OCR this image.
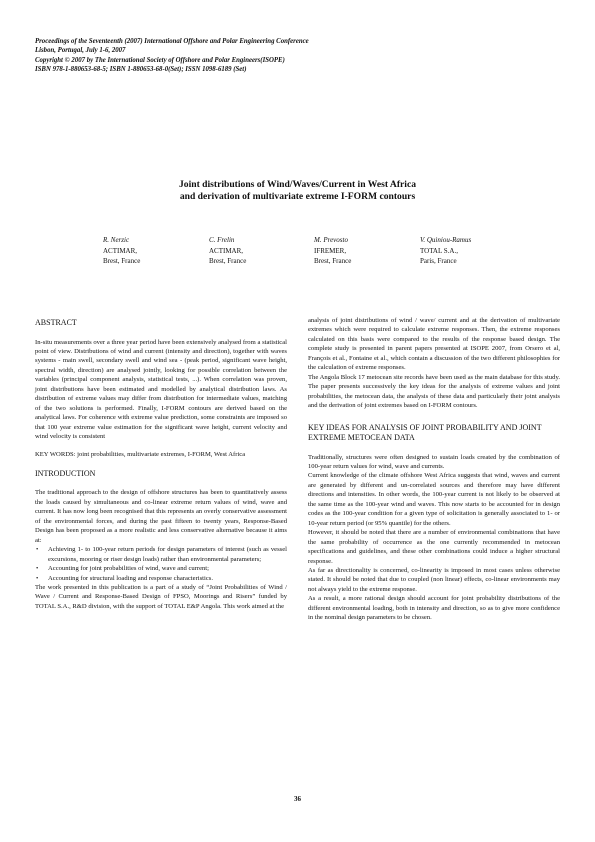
Proceedings of the Seventeenth (2007) International Offshore and Polar Engineering Conference
Lisbon, Portugal, July 1-6, 2007
Copyright © 2007 by The International Society of Offshore and Polar Engineers(ISOPE)
ISBN 978-1-880653-68-5; ISBN 1-880653-68-0(Set); ISSN 1098-6189 (Set)
Joint distributions of Wind/Waves/Current in West Africa
and derivation of multivariate extreme I-FORM contours
R. Nerzic
ACTIMAR,
Brest, France
C. Frelin
ACTIMAR,
Brest, France
M. Prevosto
IFREMER,
Brest, France
V. Quiniou-Ramus
TOTAL S.A.,
Paris, France

ABSTRACT

In-situ measurements over a three year period have been extensively analysed from a statistical point of view. Distributions of wind and current (intensity and direction), together with waves systems - main swell, secondary swell and wind sea - (peak period, significant wave height, spectral width, direction) are analysed jointly, looking for possible correlation between the variables (principal component analysis, statistical tests, ...). When correlation was proven, joint distributions have been estimated and modelled by analytical distribution laws. As distribution of extreme values may differ from distribution for intermediate values, matching of the two solutions is performed. Finally, I-FORM contours are derived based on the analytical laws. For coherence with extreme value prediction, some constraints are imposed so that 100 year extreme value estimation for the significant wave height, current velocity and wind velocity is consistent

KEY WORDS: joint probabilities, multivariate extremes, I-FORM, West Africa

INTRODUCTION

The traditional approach to the design of offshore structures has been to quantitatively assess the loads caused by simultaneous and co-linear extreme return values of wind, wave and current. It has now long been recognised that this represents an overly conservative assessment of the environmental forces, and during the past fifteen to twenty years, Response-Based Design has been proposed as a more realistic and less conservative alternative because it aims at:

• Achieving 1- to 100-year return periods for design parameters of interest (such as vessel excursions, mooring or riser design loads) rather than environmental parameters;
• Accounting for joint probabilities of wind, wave and current;
• Accounting for structural loading and response characteristics.

The work presented in this publication is a part of a study of “Joint Probabilities of Wind / Wave / Current and Response-Based Design of FPSO, Moorings and Risers” funded by TOTAL S.A., R&D division, with the support of TOTAL E&P Angola. This work aimed at the

analysis of joint distributions of wind / wave/ current and at the derivation of multivariate extremes which were required to calculate extreme responses. Then, the extreme responses calculated on this basis were compared to the results of the response based design. The complete study is presented in parent papers presented at ISOPE 2007, from Orsero et al, François et al., Fontaine et al., which contain a discussion of the two different philosophies for the calculation of extreme responses.

The Angola Block 17 metocean site records have been used as the main database for this study. The paper presents successively the key ideas for the analysis of extreme values and joint probabilities, the metocean data, the analysis of these data and particularly their joint analysis and the derivation of joint extremes based on I-FORM contours.

KEY IDEAS FOR ANALYSIS OF JOINT PROBABILITY AND JOINT EXTREME METOCEAN DATA

Traditionally, structures were often designed to sustain loads created by the combination of 100-year return values for wind, wave and currents.

Current knowledge of the climate offshore West Africa suggests that wind, waves and current are generated by different and un-correlated sources and therefore may have different directions and intensities. In other words, the 100-year current is not likely to be observed at the same time as the 100-year wind and waves. This now starts to be accounted for in design codes as the 100-year condition for a given type of solicitation is generally associated to 1- or 10-year return period (or 95% quantile) for the others.

However, it should be noted that there are a number of environmental combinations that have the same probability of occurrence as the one currently recommended in metocean specifications and guidelines, and these other combinations could induce a higher structural response.

As far as directionality is concerned, co-linearity is imposed in most cases unless otherwise stated. It should be noted that due to coupled (non linear) effects, co-linear environments may not always yield to the extreme response.

As a result, a more rational design should account for joint probability distributions of the different environmental loading, both in intensity and direction, so as to give more confidence in the nominal design parameters to be chosen.

36
